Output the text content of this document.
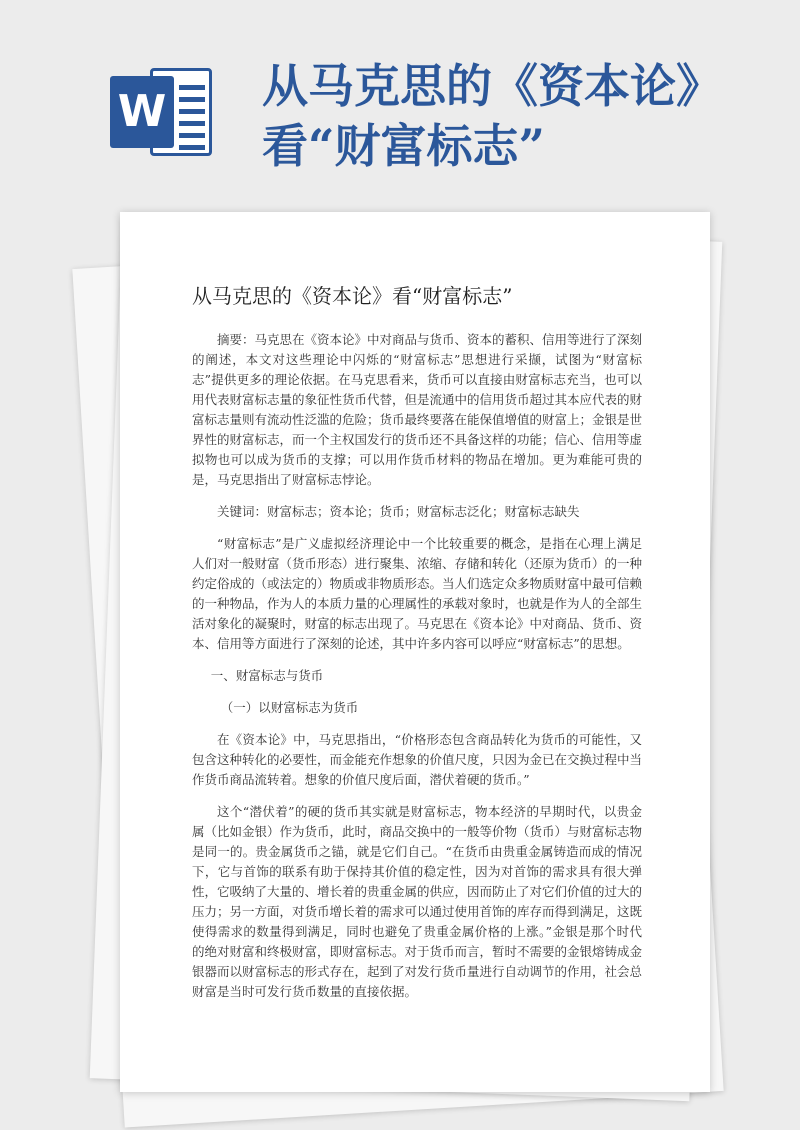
W 从马克思的《资本论》
看“财富标志”
从马克思的《资本论》看“财富标志”

摘要：马克思在《资本论》中对商品与货币、资本的蓄积、信用等进行了深刻的阐述，本文对这些理论中闪烁的“财富标志”思想进行采撷，试图为“财富标志”提供更多的理论依据。在马克思看来，货币可以直接由财富标志充当，也可以用代表财富标志量的象征性货币代替，但是流通中的信用货币超过其本应代表的财富标志量则有流动性泛滥的危险；货币最终要落在能保值增值的财富上；金银是世界性的财富标志，而一个主权国发行的货币还不具备这样的功能；信心、信用等虚拟物也可以成为货币的支撑；可以用作货币材料的物品在增加。更为难能可贵的是，马克思指出了财富标志悖论。

关键词：财富标志；资本论；货币；财富标志泛化；财富标志缺失

“财富标志”是广义虚拟经济理论中一个比较重要的概念，是指在心理上满足人们对一般财富（货币形态）进行聚集、浓缩、存储和转化（还原为货币）的一种约定俗成的（或法定的）物质或非物质形态。当人们选定众多物质财富中最可信赖的一种物品，作为人的本质力量的心理属性的承载对象时，也就是作为人的全部生活对象化的凝聚时，财富的标志出现了。马克思在《资本论》中对商品、货币、资本、信用等方面进行了深刻的论述，其中许多内容可以呼应“财富标志”的思想。

一、财富标志与货币

（一）以财富标志为货币

在《资本论》中，马克思指出，“价格形态包含商品转化为货币的可能性，又包含这种转化的必要性，而金能充作想象的价值尺度，只因为金已在交换过程中当作货币商品流转着。想象的价值尺度后面，潜伏着硬的货币。”

这个“潜伏着”的硬的货币其实就是财富标志，物本经济的早期时代，以贵金属（比如金银）作为货币，此时，商品交换中的一般等价物（货币）与财富标志物是同一的。贵金属货币之锚，就是它们自己。“在货币由贵重金属铸造而成的情况下，它与首饰的联系有助于保持其价值的稳定性，因为对首饰的需求具有很大弹性，它吸纳了大量的、增长着的贵重金属的供应，因而防止了对它们价值的过大的压力；另一方面，对货币增长着的需求可以通过使用首饰的库存而得到满足，这既使得需求的数量得到满足，同时也避免了贵重金属价格的上涨。”金银是那个时代的绝对财富和终极财富，即财富标志。对于货币而言，暂时不需要的金银熔铸成金银器而以财富标志的形式存在，起到了对发行货币量进行自动调节的作用，社会总财富是当时可发行货币数量的直接依据。
